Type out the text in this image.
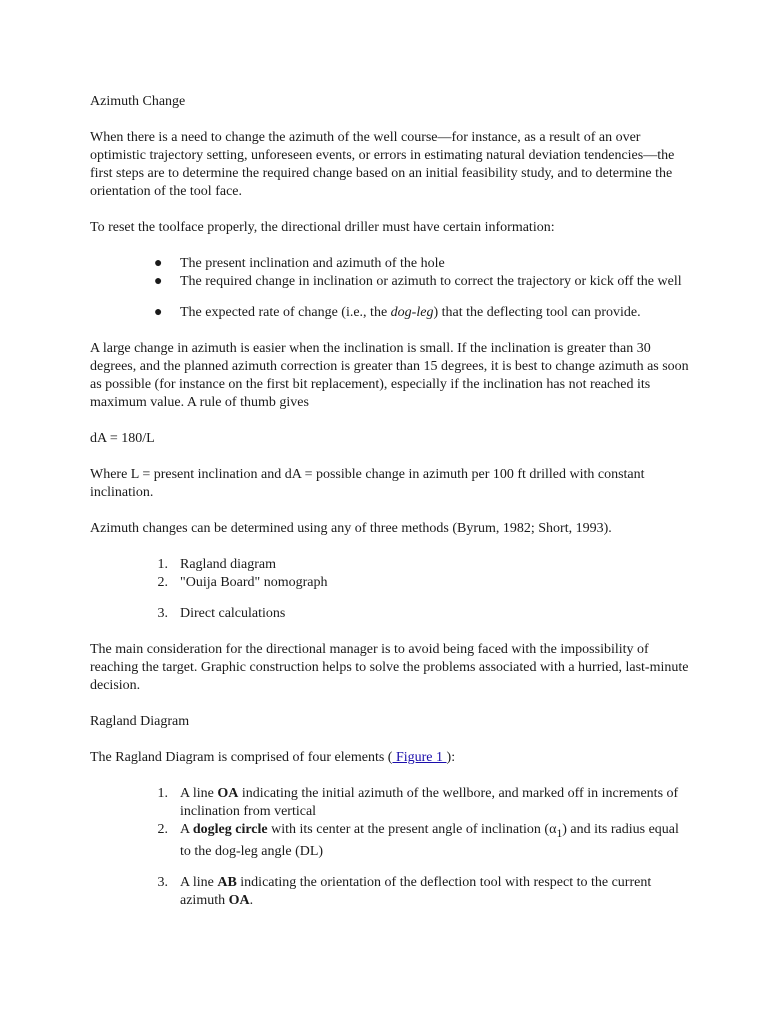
Azimuth Change

When there is a need to change the azimuth of the well course—for instance, as a result of an over optimistic trajectory setting, unforeseen events, or errors in estimating natural deviation tendencies—the first steps are to determine the required change based on an initial feasibility study, and to determine the orientation of the tool face.

To reset the toolface properly, the directional driller must have certain information:

● The present inclination and azimuth of the hole
● The required change in inclination or azimuth to correct the trajectory or kick off the well
● The expected rate of change (i.e., the dog-leg) that the deflecting tool can provide.

A large change in azimuth is easier when the inclination is small. If the inclination is greater than 30 degrees, and the planned azimuth correction is greater than 15 degrees, it is best to change azimuth as soon as possible (for instance on the first bit replacement), especially if the inclination has not reached its maximum value. A rule of thumb gives

dA = 180/L

Where L = present inclination and dA = possible change in azimuth per 100 ft drilled with constant inclination.

Azimuth changes can be determined using any of three methods (Byrum, 1982; Short, 1993).

1. Ragland diagram
2. "Ouija Board" nomograph
3. Direct calculations

The main consideration for the directional manager is to avoid being faced with the impossibility of reaching the target. Graphic construction helps to solve the problems associated with a hurried, last-minute decision.

Ragland Diagram

The Ragland Diagram is comprised of four elements ( Figure 1 ):

1. A line OA indicating the initial azimuth of the wellbore, and marked off in increments of inclination from vertical
2. A dogleg circle with its center at the present angle of inclination $(\alpha_1)$ and its radius equal to the dog-leg angle (DL)
3. A line AB indicating the orientation of the deflection tool with respect to the current azimuth OA.
